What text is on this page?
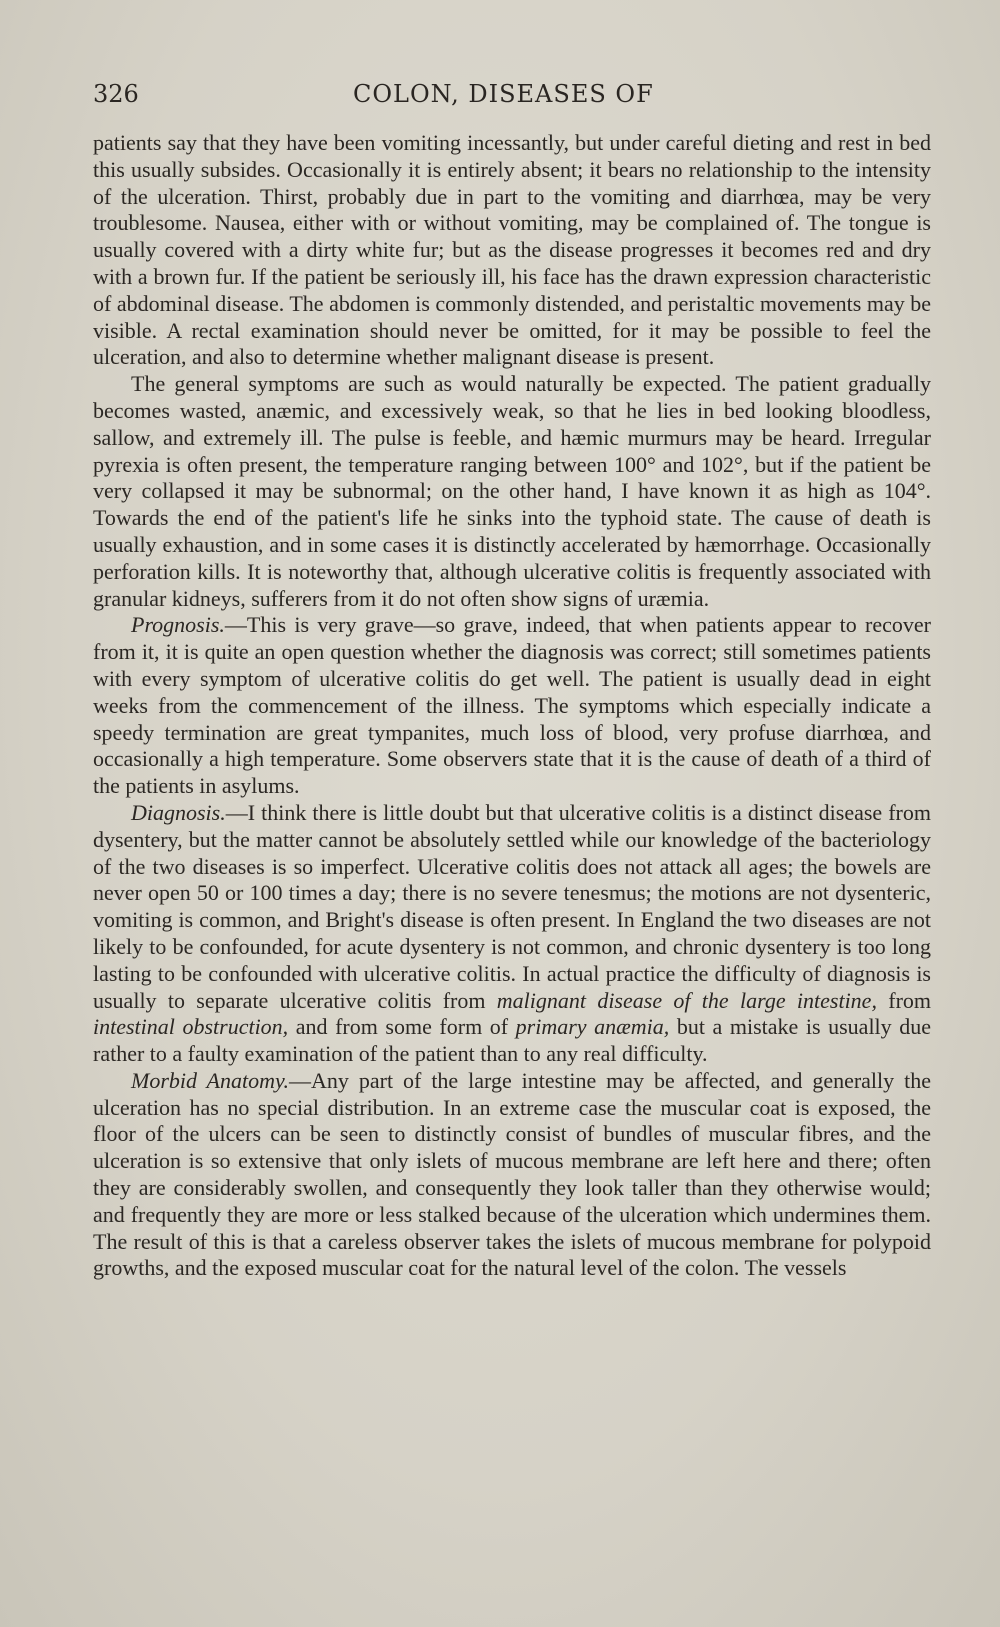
326	COLON, DISEASES OF

patients say that they have been vomiting incessantly, but under careful dieting and rest in bed this usually subsides. Occasionally it is entirely absent; it bears no relationship to the intensity of the ulceration. Thirst, probably due in part to the vomiting and diarrhœa, may be very troublesome. Nausea, either with or without vomiting, may be complained of. The tongue is usually covered with a dirty white fur; but as the disease progresses it becomes red and dry with a brown fur. If the patient be seriously ill, his face has the drawn expression characteristic of abdominal disease. The abdomen is commonly distended, and peristaltic movements may be visible. A rectal examination should never be omitted, for it may be possible to feel the ulceration, and also to determine whether malignant disease is present.

The general symptoms are such as would naturally be expected. The patient gradually becomes wasted, anæmic, and excessively weak, so that he lies in bed looking bloodless, sallow, and extremely ill. The pulse is feeble, and hæmic murmurs may be heard. Irregular pyrexia is often present, the temperature ranging between 100° and 102°, but if the patient be very collapsed it may be subnormal; on the other hand, I have known it as high as 104°. Towards the end of the patient's life he sinks into the typhoid state. The cause of death is usually exhaustion, and in some cases it is distinctly accelerated by hæmorrhage. Occasionally perforation kills. It is noteworthy that, although ulcerative colitis is frequently associated with granular kidneys, sufferers from it do not often show signs of uræmia.

Prognosis.—This is very grave—so grave, indeed, that when patients appear to recover from it, it is quite an open question whether the diagnosis was correct; still sometimes patients with every symptom of ulcerative colitis do get well. The patient is usually dead in eight weeks from the commencement of the illness. The symptoms which especially indicate a speedy termination are great tympanites, much loss of blood, very profuse diarrhœa, and occasionally a high temperature. Some observers state that it is the cause of death of a third of the patients in asylums.

Diagnosis.—I think there is little doubt but that ulcerative colitis is a distinct disease from dysentery, but the matter cannot be absolutely settled while our knowledge of the bacteriology of the two diseases is so imperfect. Ulcerative colitis does not attack all ages; the bowels are never open 50 or 100 times a day; there is no severe tenesmus; the motions are not dysenteric, vomiting is common, and Bright's disease is often present. In England the two diseases are not likely to be confounded, for acute dysentery is not common, and chronic dysentery is too long lasting to be confounded with ulcerative colitis. In actual practice the difficulty of diagnosis is usually to separate ulcerative colitis from malignant disease of the large intestine, from intestinal obstruction, and from some form of primary anæmia, but a mistake is usually due rather to a faulty examination of the patient than to any real difficulty.

Morbid Anatomy.—Any part of the large intestine may be affected, and generally the ulceration has no special distribution. In an extreme case the muscular coat is exposed, the floor of the ulcers can be seen to distinctly consist of bundles of muscular fibres, and the ulceration is so extensive that only islets of mucous membrane are left here and there; often they are considerably swollen, and consequently they look taller than they otherwise would; and frequently they are more or less stalked because of the ulceration which undermines them. The result of this is that a careless observer takes the islets of mucous membrane for polypoid growths, and the exposed muscular coat for the natural level of the colon. The vessels
